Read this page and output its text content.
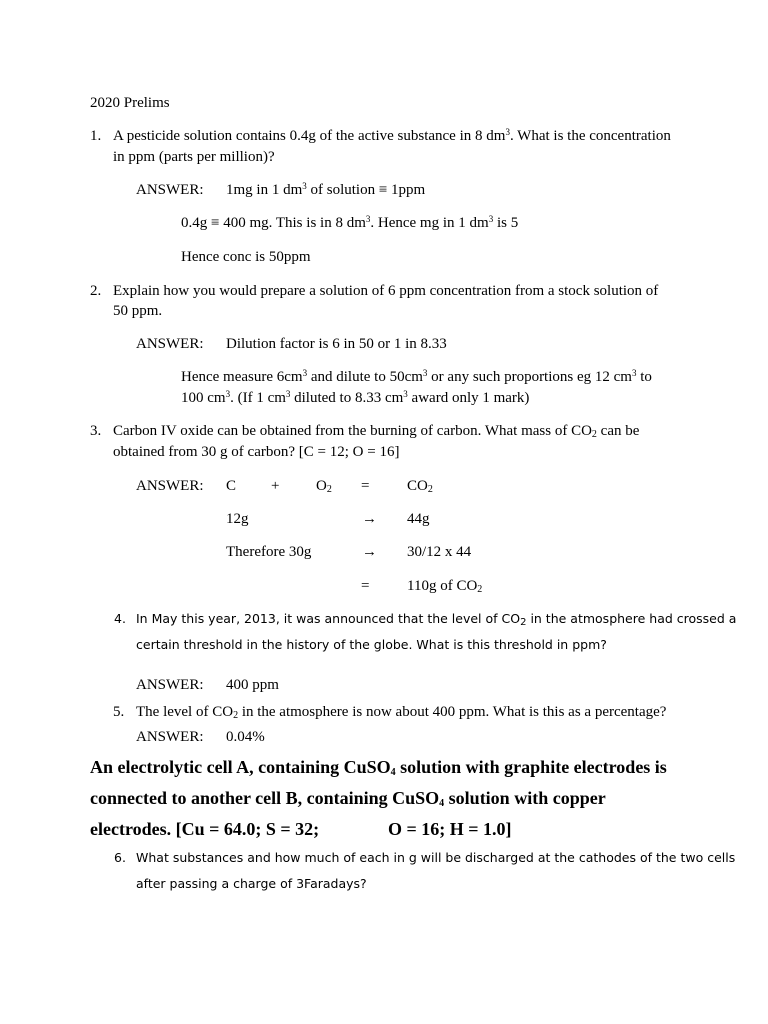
2020 Prelims
1. A pesticide solution contains 0.4g of the active substance in 8 $dm^3$. What is the concentration
in ppm (parts per million)?
ANSWER: 1mg in 1 $dm^3$ of solution ≡ 1ppm
0.4g ≡ 400 mg. This is in 8 $dm^3$. Hence mg in 1 $dm^3$ is 5
Hence conc is 50ppm
2. Explain how you would prepare a solution of 6 ppm concentration from a stock solution of
50 ppm.
ANSWER: Dilution factor is 6 in 50 or 1 in 8.33
Hence measure $6cm^3$ and dilute to $50cm^3$ or any such proportions eg 12 $cm^3$ to
100 $cm^3$. (If 1 $cm^3$ diluted to 8.33 $cm^3$ award only 1 mark)
3. Carbon IV oxide can be obtained from the burning of carbon. What mass of $CO_2$ can be
obtained from 30 g of carbon? [C = 12; O = 16]
ANSWER: $C + O_2$ =	$CO_2$
12g	→ 44g
Therefore 30g	→ 30/12 x 44
=	110g of $CO_2$
4. In May this year, 2013, it was announced that the level of $CO_2$ in the atmosphere had crossed a
certain threshold in the history of the globe. What is this threshold in ppm?
ANSWER: 400 ppm
5. The level of $CO_2$ in the atmosphere is now about 400 ppm. What is this as a percentage?
ANSWER: 0.04%
An electrolytic cell A, containing CuSO$_4$ solution with graphite electrodes is
connected to another cell B, containing CuSO$_4$ solution with copper
electrodes. [Cu = 64.0; S = 32;	O = 16; H = 1.0]
6. What substances and how much of each in g will be discharged at the cathodes of the two cells
after passing a charge of 3Faradays?
